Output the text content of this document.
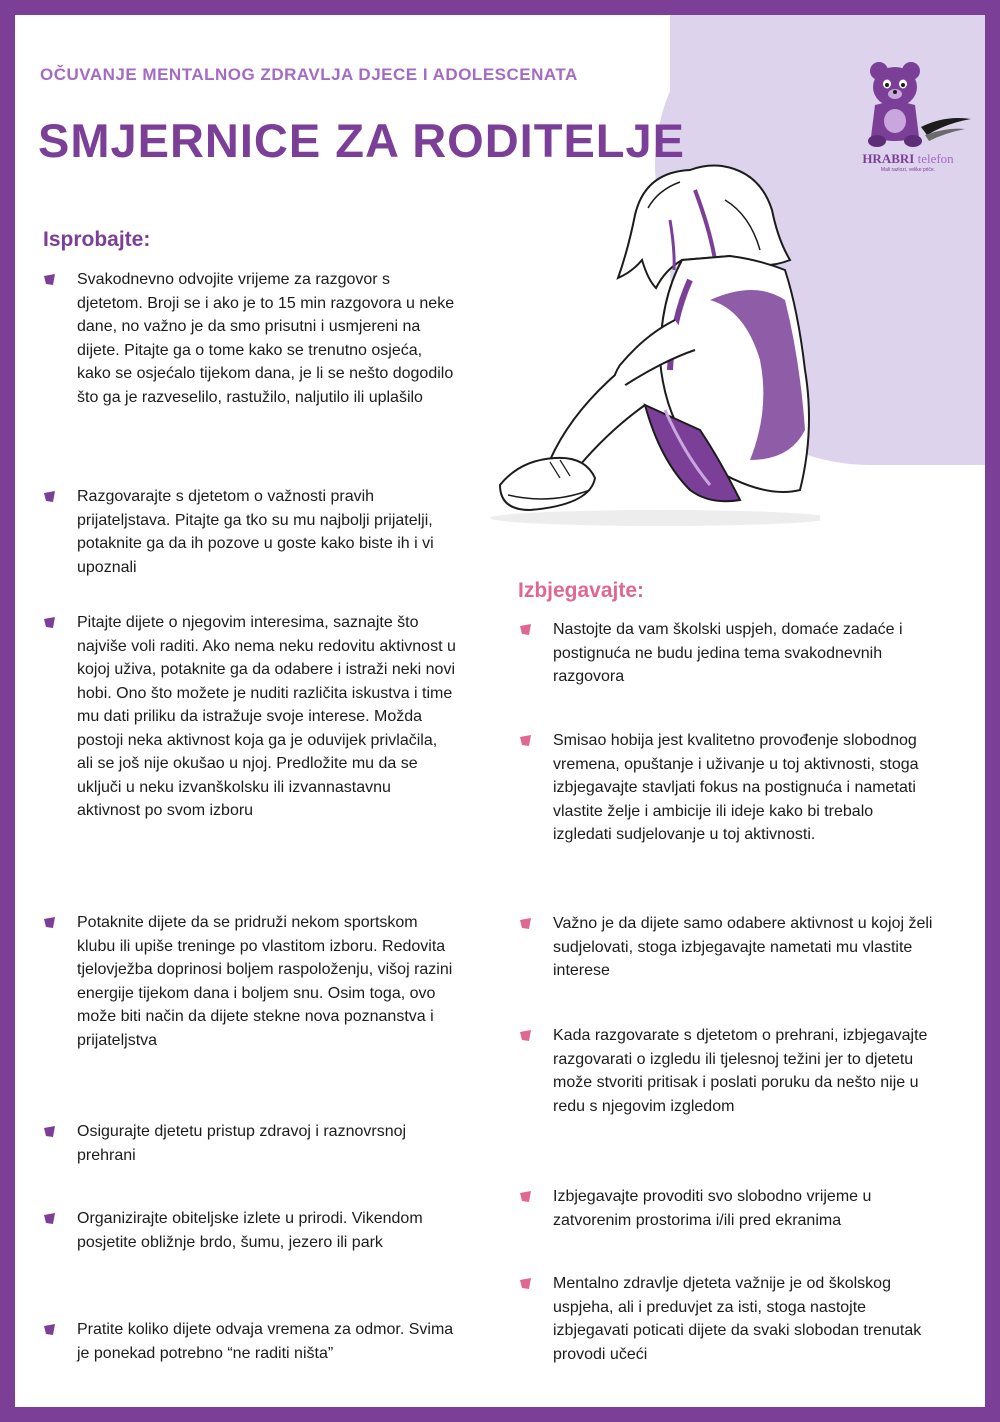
OČUVANJE MENTALNOG ZDRAVLJA DJECE I ADOLESCENATA
SMJERNICE ZA RODITELJE	HRABRI telefon
Mali razlozi, velike priče.
Isprobajte:
Svakodnevno odvojite vrijeme za razgovor s djetetom. Broji se i ako je to 15 min razgovora u neke dane, no važno je da smo prisutni i usmjereni na dijete. Pitajte ga o tome kako se trenutno osjeća, kako se osjećalo tijekom dana, je li se nešto dogodilo što ga je razveselilo, rastužilo, naljutilo ili uplašilo
Razgovarajte s djetetom o važnosti pravih prijateljstava. Pitajte ga tko su mu najbolji prijatelji, potaknite ga da ih pozove u goste kako biste ih i vi upoznali
Pitajte dijete o njegovim interesima, saznajte što najviše voli raditi. Ako nema neku redovitu aktivnost u kojoj uživa, potaknite ga da odabere i istraži neki novi hobi. Ono što možete je nuditi različita iskustva i time mu dati priliku da istražuje svoje interese. Možda postoji neka aktivnost koja ga je oduvijek privlačila, ali se još nije okušao u njoj. Predložite mu da se uključi u neku izvanškolsku ili izvannastavnu aktivnost po svom izboru
Potaknite dijete da se pridruži nekom sportskom klubu ili upiše treninge po vlastitom izboru. Redovita tjelovježba doprinosi boljem raspoloženju, višoj razini energije tijekom dana i boljem snu. Osim toga, ovo može biti način da dijete stekne nova poznanstva i prijateljstva
Osigurajte djetetu pristup zdravoj i raznovrsnoj prehrani
Organizirajte obiteljske izlete u prirodi. Vikendom posjetite obližnje brdo, šumu, jezero ili park
Pratite koliko dijete odvaja vremena za odmor. Svima je ponekad potrebno “ne raditi ništa”
Izbjegavajte:
Nastojte da vam školski uspjeh, domaće zadaće i postignuća ne budu jedina tema svakodnevnih razgovora
Smisao hobija jest kvalitetno provođenje slobodnog vremena, opuštanje i uživanje u toj aktivnosti, stoga izbjegavajte stavljati fokus na postignuća i nametati vlastite želje i ambicije ili ideje kako bi trebalo izgledati sudjelovanje u toj aktivnosti.
Važno je da dijete samo odabere aktivnost u kojoj želi sudjelovati, stoga izbjegavajte nametati mu vlastite interese
Kada razgovarate s djetetom o prehrani, izbjegavajte razgovarati o izgledu ili tjelesnoj težini jer to djetetu može stvoriti pritisak i poslati poruku da nešto nije u redu s njegovim izgledom
Izbjegavajte provoditi svo slobodno vrijeme u zatvorenim prostorima i/ili pred ekranima
Mentalno zdravlje djeteta važnije je od školskog uspjeha, ali i preduvjet za isti, stoga nastojte izbjegavati poticati dijete da svaki slobodan trenutak provodi učeći
